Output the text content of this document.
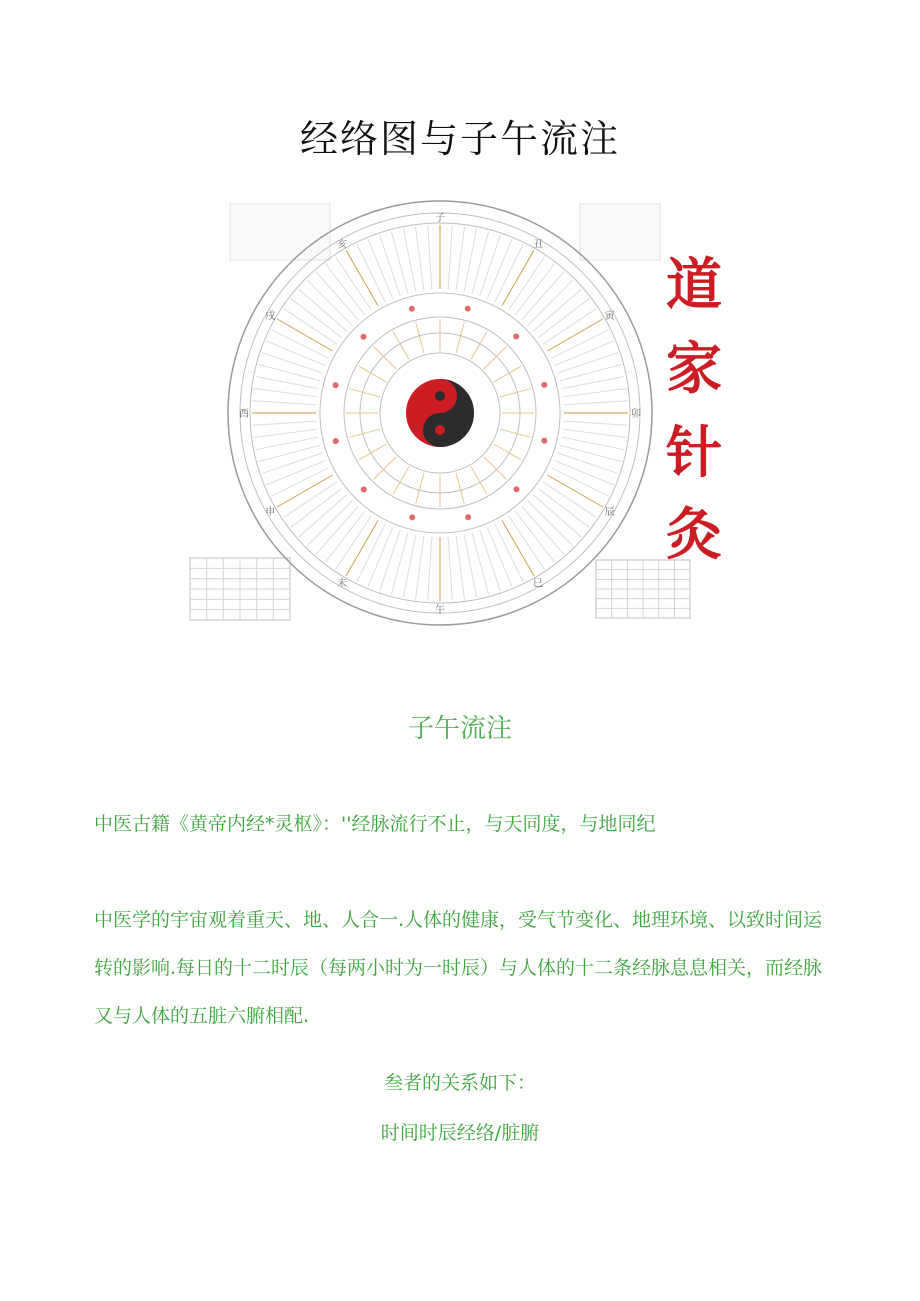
经络图与子午流注
子
丑
寅
卯
辰
巳
午
未
申
酉
戌
亥
道
家
针
灸
子午流注
中医古籍《黄帝内经*灵枢》：''经脉流行不止，与天同度，与地同纪
中医学的宇宙观着重天、地、人合一.人体的健康，受气节变化、地理环境、以致时间运转的影响.每日的十二时辰（每两小时为一时辰）与人体的十二条经脉息息相关，而经脉又与人体的五脏六腑相配.
叁者的关系如下：
时间时辰经络/脏腑
